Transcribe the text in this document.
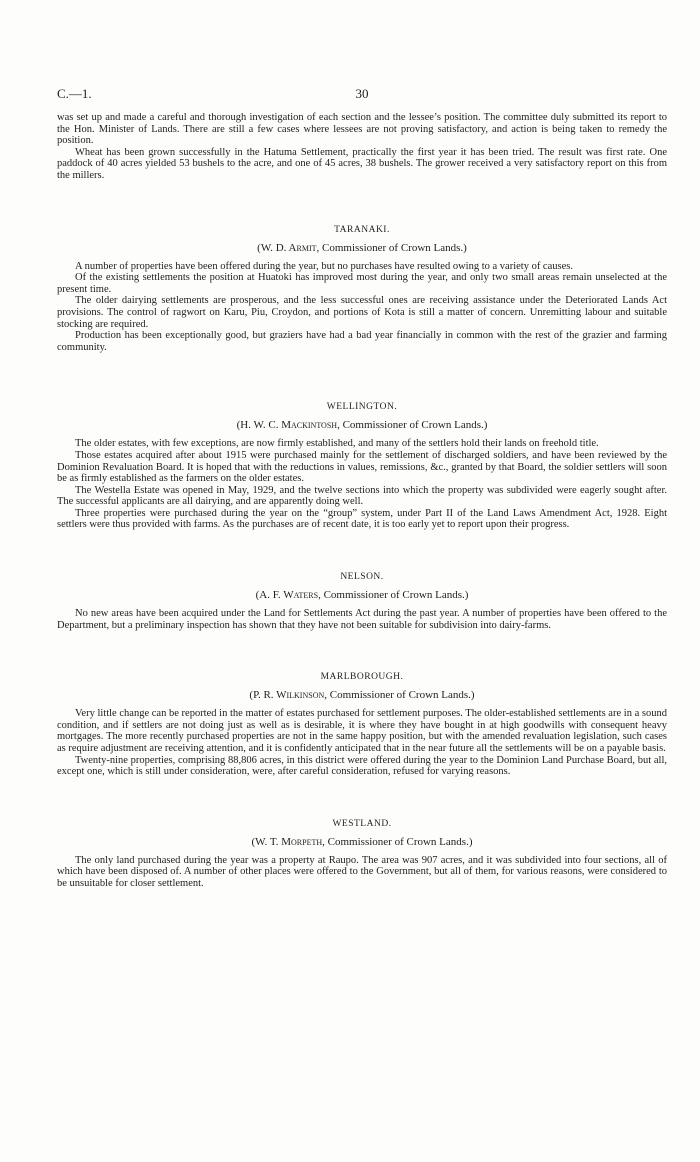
C.—1.	30

was set up and made a careful and thorough investigation of each section and the lessee’s position. The committee duly submitted its report to the Hon. Minister of Lands. There are still a few cases where lessees are not proving satisfactory, and action is being taken to remedy the position.

Wheat has been grown successfully in the Hatuma Settlement, practically the first year it has been tried. The result was first rate. One paddock of 40 acres yielded 53 bushels to the acre, and one of 45 acres, 38 bushels. The grower received a very satisfactory report on this from the millers.

TARANAKI.
(W. D. Armit, Commissioner of Crown Lands.)

A number of properties have been offered during the year, but no purchases have resulted owing to a variety of causes.

Of the existing settlements the position at Huatoki has improved most during the year, and only two small areas remain unselected at the present time.

The older dairying settlements are prosperous, and the less successful ones are receiving assistance under the Deteriorated Lands Act provisions. The control of ragwort on Karu, Piu, Croydon, and portions of Kota is still a matter of concern. Unremitting labour and suitable stocking are required.

Production has been exceptionally good, but graziers have had a bad year financially in common with the rest of the grazier and farming community.

WELLINGTON.
(H. W. C. Mackintosh, Commissioner of Crown Lands.)

The older estates, with few exceptions, are now firmly established, and many of the settlers hold their lands on freehold title.

Those estates acquired after about 1915 were purchased mainly for the settlement of discharged soldiers, and have been reviewed by the Dominion Revaluation Board. It is hoped that with the reductions in values, remissions, &c., granted by that Board, the soldier settlers will soon be as firmly established as the farmers on the older estates.

The Westella Estate was opened in May, 1929, and the twelve sections into which the property was subdivided were eagerly sought after. The successful applicants are all dairying, and are apparently doing well.

Three properties were purchased during the year on the “group” system, under Part II of the Land Laws Amendment Act, 1928. Eight settlers were thus provided with farms. As the purchases are of recent date, it is too early yet to report upon their progress.

NELSON.
(A. F. Waters, Commissioner of Crown Lands.)

No new areas have been acquired under the Land for Settlements Act during the past year. A number of properties have been offered to the Department, but a preliminary inspection has shown that they have not been suitable for subdivision into dairy-farms.

MARLBOROUGH.
(P. R. Wilkinson, Commissioner of Crown Lands.)

Very little change can be reported in the matter of estates purchased for settlement purposes. The older-established settlements are in a sound condition, and if settlers are not doing just as well as is desirable, it is where they have bought in at high goodwills with consequent heavy mortgages. The more recently purchased properties are not in the same happy position, but with the amended revaluation legislation, such cases as require adjustment are receiving attention, and it is confidently anticipated that in the near future all the settlements will be on a payable basis.

Twenty-nine properties, comprising 88,806 acres, in this district were offered during the year to the Dominion Land Purchase Board, but all, except one, which is still under consideration, were, after careful consideration, refused for varying reasons.

WESTLAND.
(W. T. Morpeth, Commissioner of Crown Lands.)

The only land purchased during the year was a property at Raupo. The area was 907 acres, and it was subdivided into four sections, all of which have been disposed of. A number of other places were offered to the Government, but all of them, for various reasons, were considered to be unsuitable for closer settlement.
